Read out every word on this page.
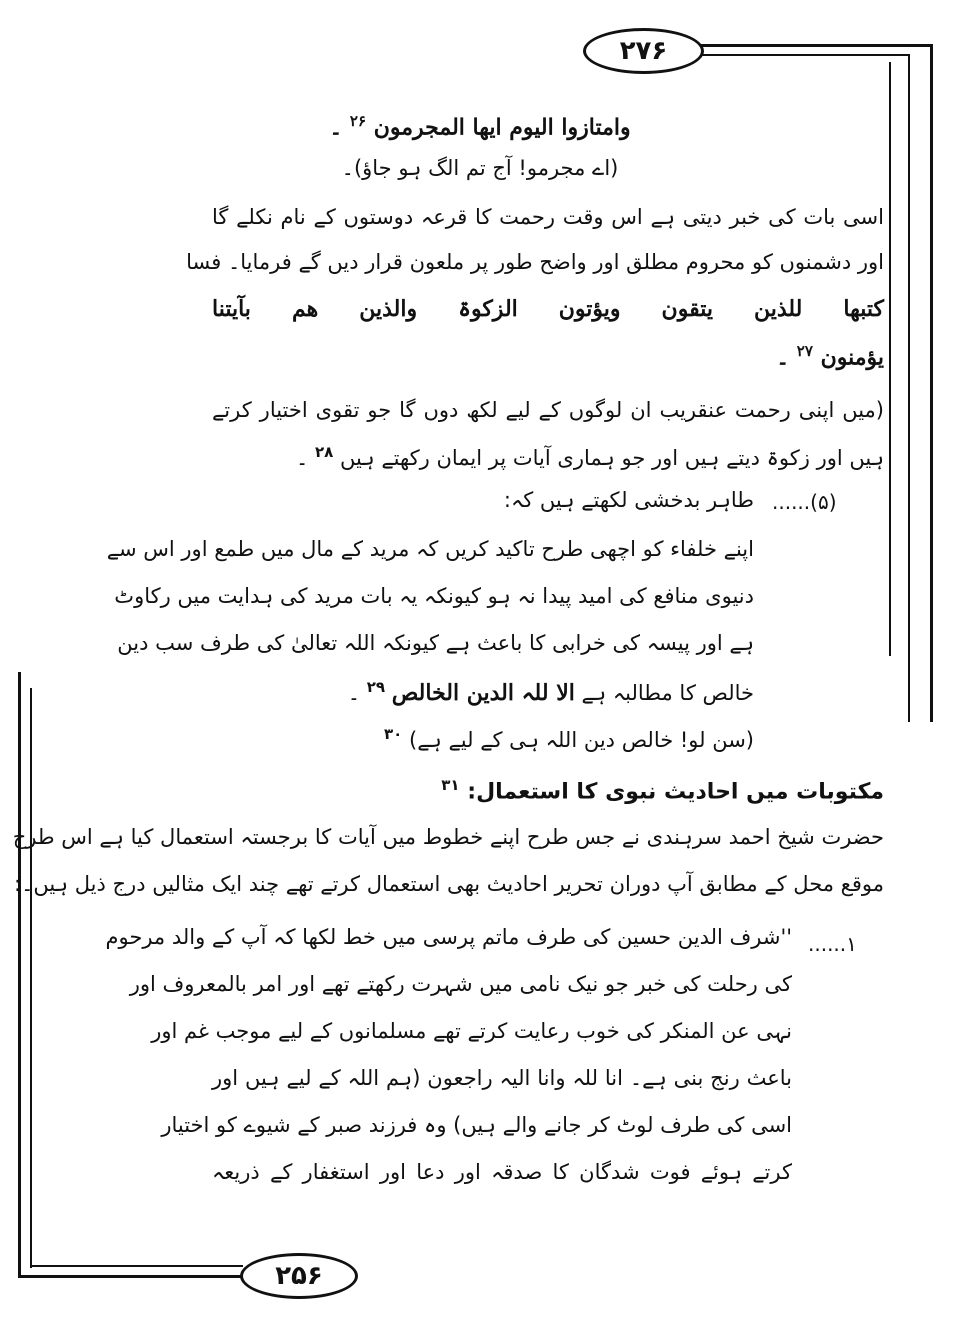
۲۷۶
۲۵۶
وامتازوا الیوم ایھا المجرمون $^{۲۶}$ ۔
(اے مجرمو! آج تم الگ ہو جاؤ)۔
اسی بات کی خبر دیتی ہے اس وقت رحمت کا قرعہ دوستوں کے نام نکلے گا
اور دشمنوں کو محروم مطلق اور واضح طور پر ملعون قرار دیں گے فرمایا۔ فسا
کتبھا للذین یتقون ویؤتون الزکوۃ والذین ھم بآیتنا
یؤمنون $^{۲۷}$ ۔
(میں اپنی رحمت عنقریب ان لوگوں کے لیے لکھ دوں گا جو تقوی اختیار کرتے
ہیں اور زکوۃ دیتے ہیں اور جو ہماری آیات پر ایمان رکھتے ہیں $^{۲۸}$ ۔
(۵)......
طاہر بدخشی لکھتے ہیں کہ:
اپنے خلفاء کو اچھی طرح تاکید کریں کہ مرید کے مال میں طمع اور اس سے
دنیوی منافع کی امید پیدا نہ ہو کیونکہ یہ بات مرید کی ہدایت میں رکاوٹ
ہے اور پیسہ کی خرابی کا باعث ہے کیونکہ اللہ تعالیٰ کی طرف سب دین
خالص کا مطالبہ ہے الا للہ الدین الخالص $^{۲۹}$ ۔
(سن لو! خالص دین اللہ ہی کے لیے ہے) $^{۳۰}$
مکتوبات میں احادیث نبوی کا استعمال: $^{۳۱}$
حضرت شیخ احمد سرہندی نے جس طرح اپنے خطوط میں آیات کا برجستہ استعمال کیا ہے اس طرح
موقع محل کے مطابق آپ دوران تحریر احادیث بھی استعمال کرتے تھے چند ایک مثالیں درج ذیل ہیں۔:
۱......
''شرف الدین حسین کی طرف ماتم پرسی میں خط لکھا کہ آپ کے والد مرحوم
کی رحلت کی خبر جو نیک نامی میں شہرت رکھتے تھے اور امر بالمعروف اور
نہی عن المنکر کی خوب رعایت کرتے تھے مسلمانوں کے لیے موجب غم اور
باعث رنج بنی ہے۔ انا للہ وانا الیہ راجعون (ہم اللہ کے لیے ہیں اور
اسی کی طرف لوٹ کر جانے والے ہیں) وہ فرزند صبر کے شیوے کو اختیار
کرتے ہوئے فوت شدگان کا صدقہ اور دعا اور استغفار کے ذریعہ
